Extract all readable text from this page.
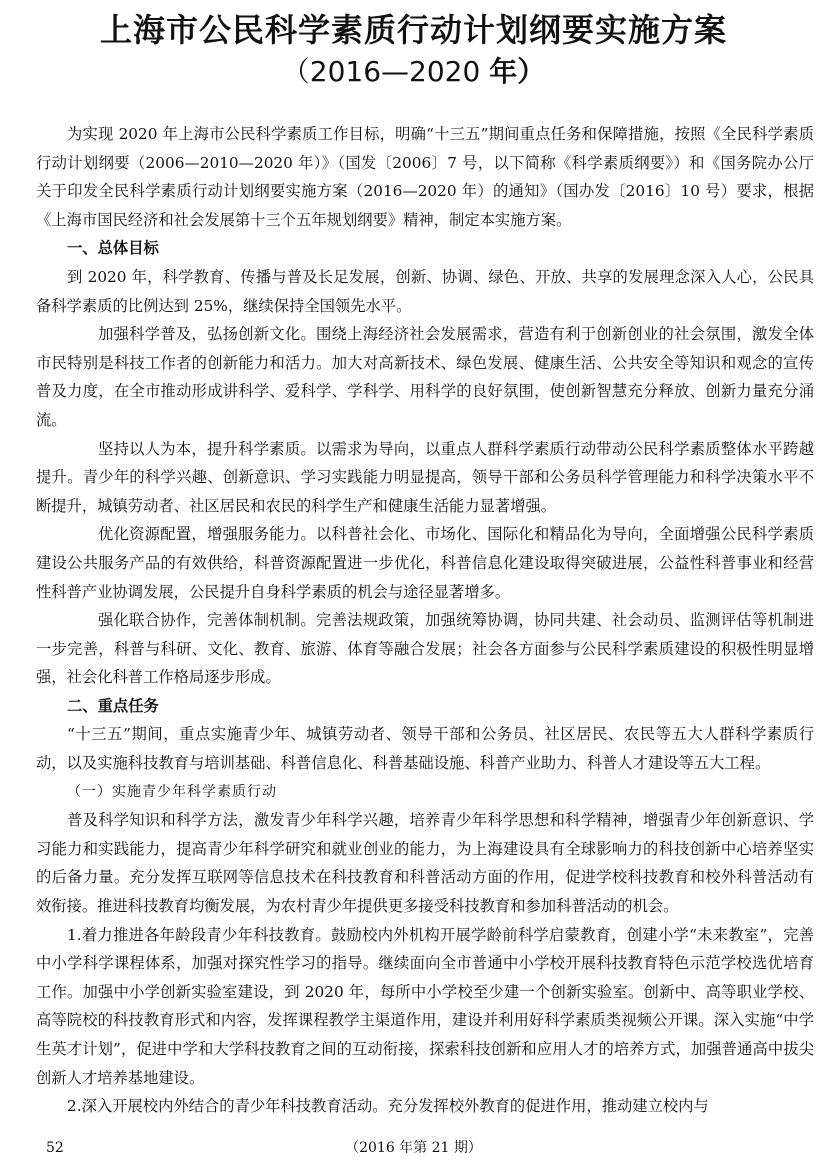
上海市公民科学素质行动计划纲要实施方案
（2016—2020 年）

为实现 2020 年上海市公民科学素质工作目标，明确“十三五”期间重点任务和保障措施，按照《全民科学素质行动计划纲要（2006—2010—2020 年）》（国发〔2006〕7 号，以下简称《科学素质纲要》）和《国务院办公厅关于印发全民科学素质行动计划纲要实施方案（2016—2020 年）的通知》（国办发〔2016〕10 号）要求，根据《上海市国民经济和社会发展第十三个五年规划纲要》精神，制定本实施方案。

一、总体目标

到 2020 年，科学教育、传播与普及长足发展，创新、协调、绿色、开放、共享的发展理念深入人心，公民具备科学素质的比例达到 25%，继续保持全国领先水平。

加强科学普及，弘扬创新文化。围绕上海经济社会发展需求，营造有利于创新创业的社会氛围，激发全体市民特别是科技工作者的创新能力和活力。加大对高新技术、绿色发展、健康生活、公共安全等知识和观念的宣传普及力度，在全市推动形成讲科学、爱科学、学科学、用科学的良好氛围，使创新智慧充分释放、创新力量充分涌流。

坚持以人为本，提升科学素质。以需求为导向，以重点人群科学素质行动带动公民科学素质整体水平跨越提升。青少年的科学兴趣、创新意识、学习实践能力明显提高，领导干部和公务员科学管理能力和科学决策水平不断提升，城镇劳动者、社区居民和农民的科学生产和健康生活能力显著增强。

优化资源配置，增强服务能力。以科普社会化、市场化、国际化和精品化为导向，全面增强公民科学素质建设公共服务产品的有效供给，科普资源配置进一步优化，科普信息化建设取得突破进展，公益性科普事业和经营性科普产业协调发展，公民提升自身科学素质的机会与途径显著增多。

强化联合协作，完善体制机制。完善法规政策，加强统筹协调，协同共建、社会动员、监测评估等机制进一步完善，科普与科研、文化、教育、旅游、体育等融合发展；社会各方面参与公民科学素质建设的积极性明显增强，社会化科普工作格局逐步形成。

二、重点任务

“十三五”期间，重点实施青少年、城镇劳动者、领导干部和公务员、社区居民、农民等五大人群科学素质行动，以及实施科技教育与培训基础、科普信息化、科普基础设施、科普产业助力、科普人才建设等五大工程。

（一）实施青少年科学素质行动

普及科学知识和科学方法，激发青少年科学兴趣，培养青少年科学思想和科学精神，增强青少年创新意识、学习能力和实践能力，提高青少年科学研究和就业创业的能力，为上海建设具有全球影响力的科技创新中心培养坚实的后备力量。充分发挥互联网等信息技术在科技教育和科普活动方面的作用，促进学校科技教育和校外科普活动有效衔接。推进科技教育均衡发展，为农村青少年提供更多接受科技教育和参加科普活动的机会。

1.着力推进各年龄段青少年科技教育。鼓励校内外机构开展学龄前科学启蒙教育，创建小学“未来教室”，完善中小学科学课程体系，加强对探究性学习的指导。继续面向全市普通中小学校开展科技教育特色示范学校选优培育工作。加强中小学创新实验室建设，到 2020 年，每所中小学校至少建一个创新实验室。创新中、高等职业学校、高等院校的科技教育形式和内容，发挥课程教学主渠道作用，建设并利用好科学素质类视频公开课。深入实施“中学生英才计划”，促进中学和大学科技教育之间的互动衔接，探索科技创新和应用人才的培养方式，加强普通高中拔尖创新人才培养基地建设。

2.深入开展校内外结合的青少年科技教育活动。充分发挥校外教育的促进作用，推动建立校内与

52	（2016 年第 21 期）
